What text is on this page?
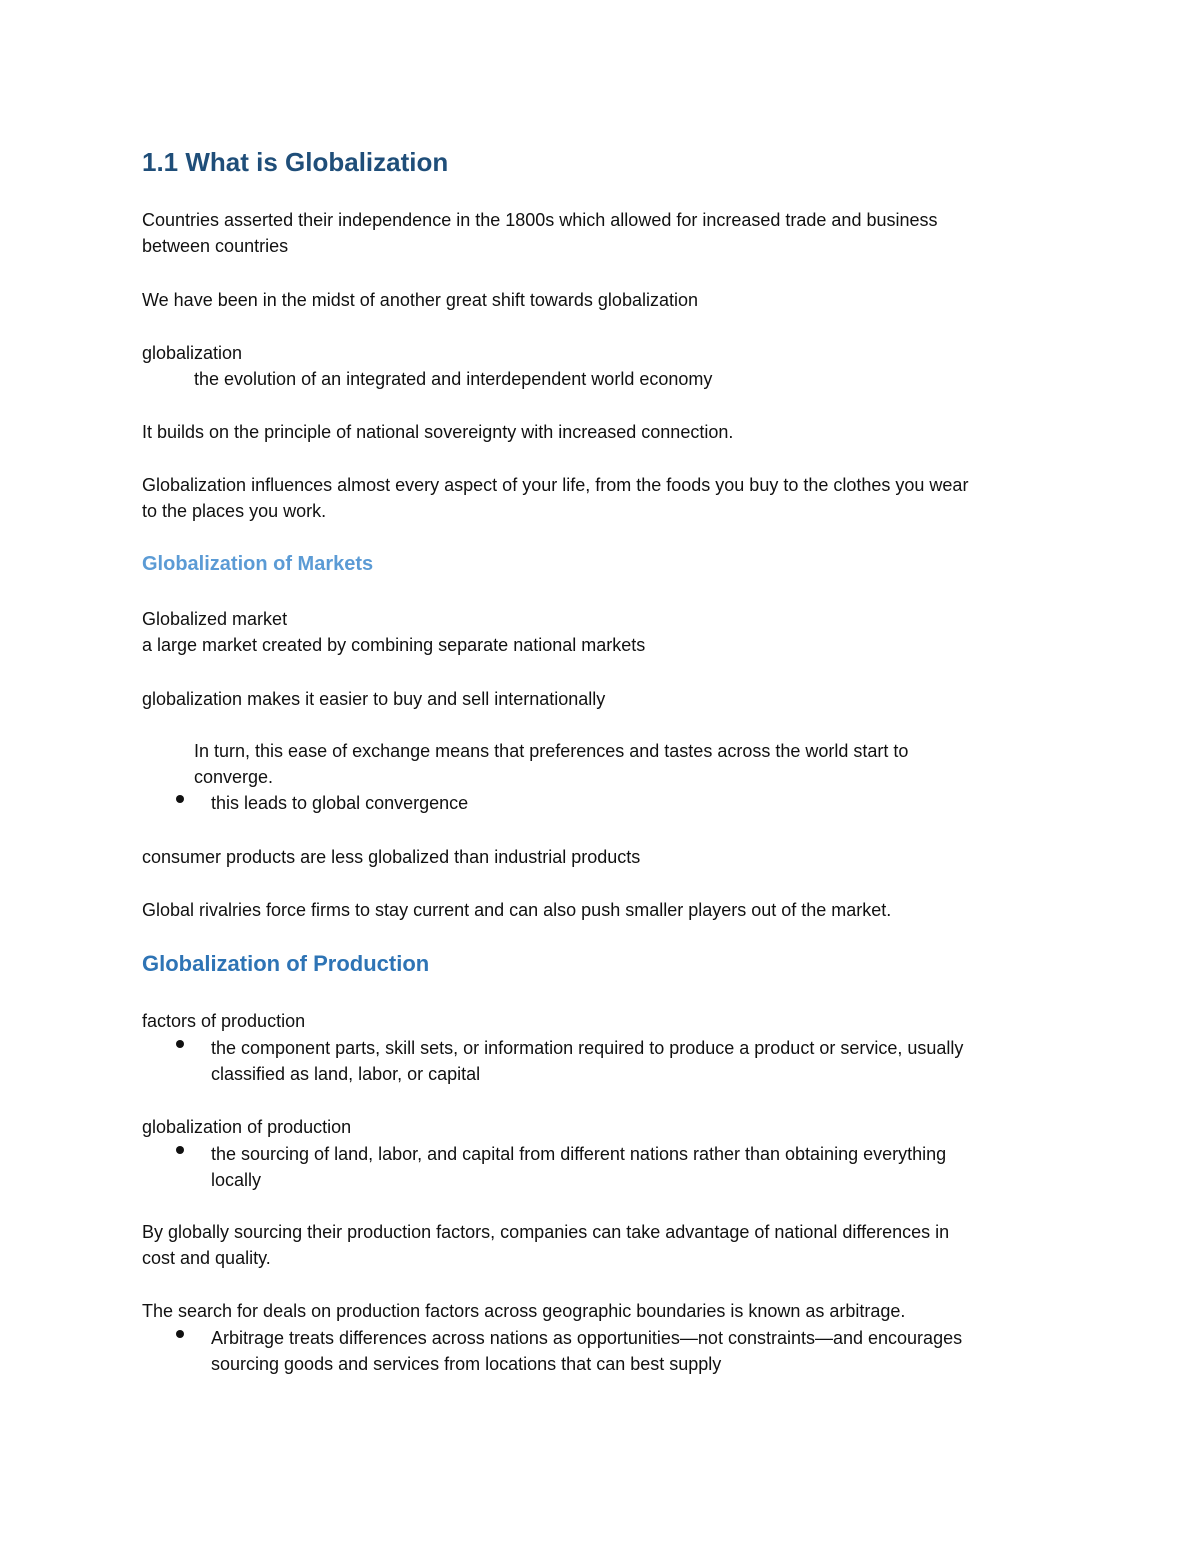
1.1 What is Globalization
Countries asserted their independence in the 1800s which allowed for increased trade and business
between countries
We have been in the midst of another great shift towards globalization
globalization
the evolution of an integrated and interdependent world economy
It builds on the principle of national sovereignty with increased connection.
Globalization influences almost every aspect of your life, from the foods you buy to the clothes you wear
to the places you work.
Globalization of Markets
Globalized market
a large market created by combining separate national markets
globalization makes it easier to buy and sell internationally
In turn, this ease of exchange means that preferences and tastes across the world start to
converge.
this leads to global convergence
consumer products are less globalized than industrial products
Global rivalries force firms to stay current and can also push smaller players out of the market.
Globalization of Production
factors of production
the component parts, skill sets, or information required to produce a product or service, usually
classified as land, labor, or capital
globalization of production
the sourcing of land, labor, and capital from different nations rather than obtaining everything
locally
By globally sourcing their production factors, companies can take advantage of national differences in
cost and quality.
The search for deals on production factors across geographic boundaries is known as arbitrage.
Arbitrage treats differences across nations as opportunities—not constraints—and encourages
sourcing goods and services from locations that can best supply
